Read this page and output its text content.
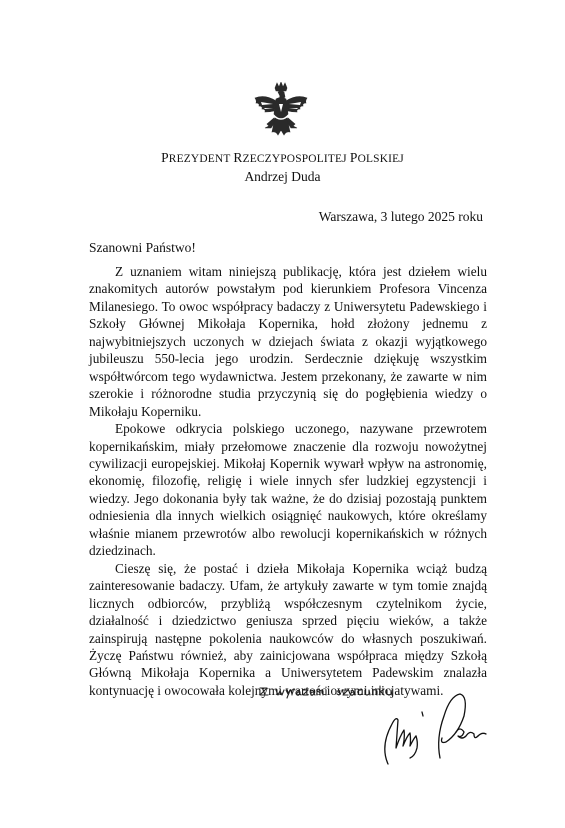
PREZYDENT RZECZYPOSPOLITEJ POLSKIEJ
Andrzej Duda
Warszawa, 3 lutego 2025 roku
Szanowni Państwo!

Z uznaniem witam niniejszą publikację, która jest dziełem wielu znakomitych autorów powstałym pod kierunkiem Profesora Vincenza Milanesiego. To owoc współpracy badaczy z Uniwersytetu Padewskiego i Szkoły Głównej Mikołaja Kopernika, hołd złożony jednemu z najwybitniejszych uczonych w dziejach świata z okazji wyjątkowego jubileuszu 550-lecia jego urodzin. Serdecznie dziękuję wszystkim współtwórcom tego wydawnictwa. Jestem przekonany, że zawarte w nim szerokie i różnorodne studia przyczynią się do pogłębienia wiedzy o Mikołaju Koperniku.

Epokowe odkrycia polskiego uczonego, nazywane przewrotem kopernikańskim, miały przełomowe znaczenie dla rozwoju nowożytnej cywilizacji europejskiej. Mikołaj Kopernik wywarł wpływ na astronomię, ekonomię, filozofię, religię i wiele innych sfer ludzkiej egzystencji i wiedzy. Jego dokonania były tak ważne, że do dzisiaj pozostają punktem odniesienia dla innych wielkich osiągnięć naukowych, które określamy właśnie mianem przewrotów albo rewolucji kopernikańskich w różnych dziedzinach.

Cieszę się, że postać i dzieła Mikołaja Kopernika wciąż budzą zainteresowanie badaczy. Ufam, że artykuły zawarte w tym tomie znajdą licznych odbiorców, przybliżą współczesnym czytelnikom życie, działalność i dziedzictwo geniusza sprzed pięciu wieków, a także zainspirują następne pokolenia naukowców do własnych poszukiwań. Życzę Państwu również, aby zainicjowana współpraca między Szkołą Główną Mikołaja Kopernika a Uniwersytetem Padewskim znalazła kontynuację i owocowała kolejnymi wartościowymi inicjatywami.
